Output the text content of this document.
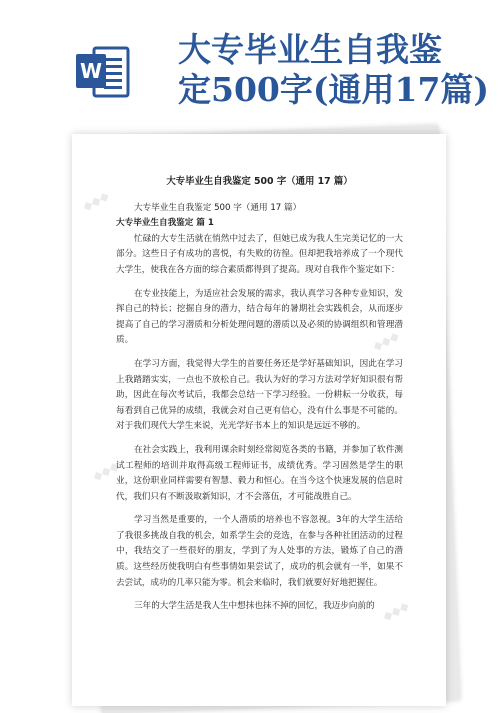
W
大专毕业生自我鉴
定500字(通用17篇)
◆◆◆
◆◆◆
◆◆◆
◆◆◆
大专毕业生自我鉴定 500 字（通用 17 篇）

大专毕业生自我鉴定 500 字（通用 17 篇）

大专毕业生自我鉴定 篇 1

忙碌的大专生活就在悄然中过去了，但她已成为我人生完美记忆的一大部分。这些日子有成功的喜悦，有失败的彷徨。但却把我培养成了一个现代大学生，使我在各方面的综合素质都得到了提高。现对自我作个鉴定如下：

在专业技能上，为适应社会发展的需求，我认真学习各种专业知识，发挥自己的特长；挖掘自身的潜力，结合每年的暑期社会实践机会，从而逐步提高了自己的学习潜质和分析处理问题的潜质以及必须的协调组织和管理潜质。

在学习方面，我觉得大学生的首要任务还是学好基础知识，因此在学习上我踏踏实实，一点也不放松自己。我认为好的学习方法对学好知识很有帮助，因此在每次考试后，我都会总结一下学习经验。一份耕耘一分收获，每每看到自己优异的成绩，我就会对自己更有信心，没有什么事是不可能的。对于我们现代大学生来说，光光学好书本上的知识是远远不够的。

在社会实践上，我利用课余时刻经常阅览各类的书籍，并参加了软件测试工程师的培训并取得高级工程师证书，成绩优秀。学习固然是学生的职业，这份职业同样需要有智慧、毅力和恒心。在当今这个快速发展的信息时代，我们只有不断汲取新知识，才不会落伍，才可能战胜自己。

学习当然是重要的，一个人潜质的培养也不容忽视。3年的大学生活给了我很多挑战自我的机会，如系学生会的竞选，在参与各种社团活动的过程中，我结交了一些很好的朋友，学到了为人处事的方法，锻炼了自己的潜质。这些经历使我明白有些事情如果尝试了，成功的机会就有一半，如果不去尝试，成功的几率只能为零。机会来临时，我们就要好好地把握住。

三年的大学生活是我人生中想抹也抹不掉的回忆，我迈步向前的
